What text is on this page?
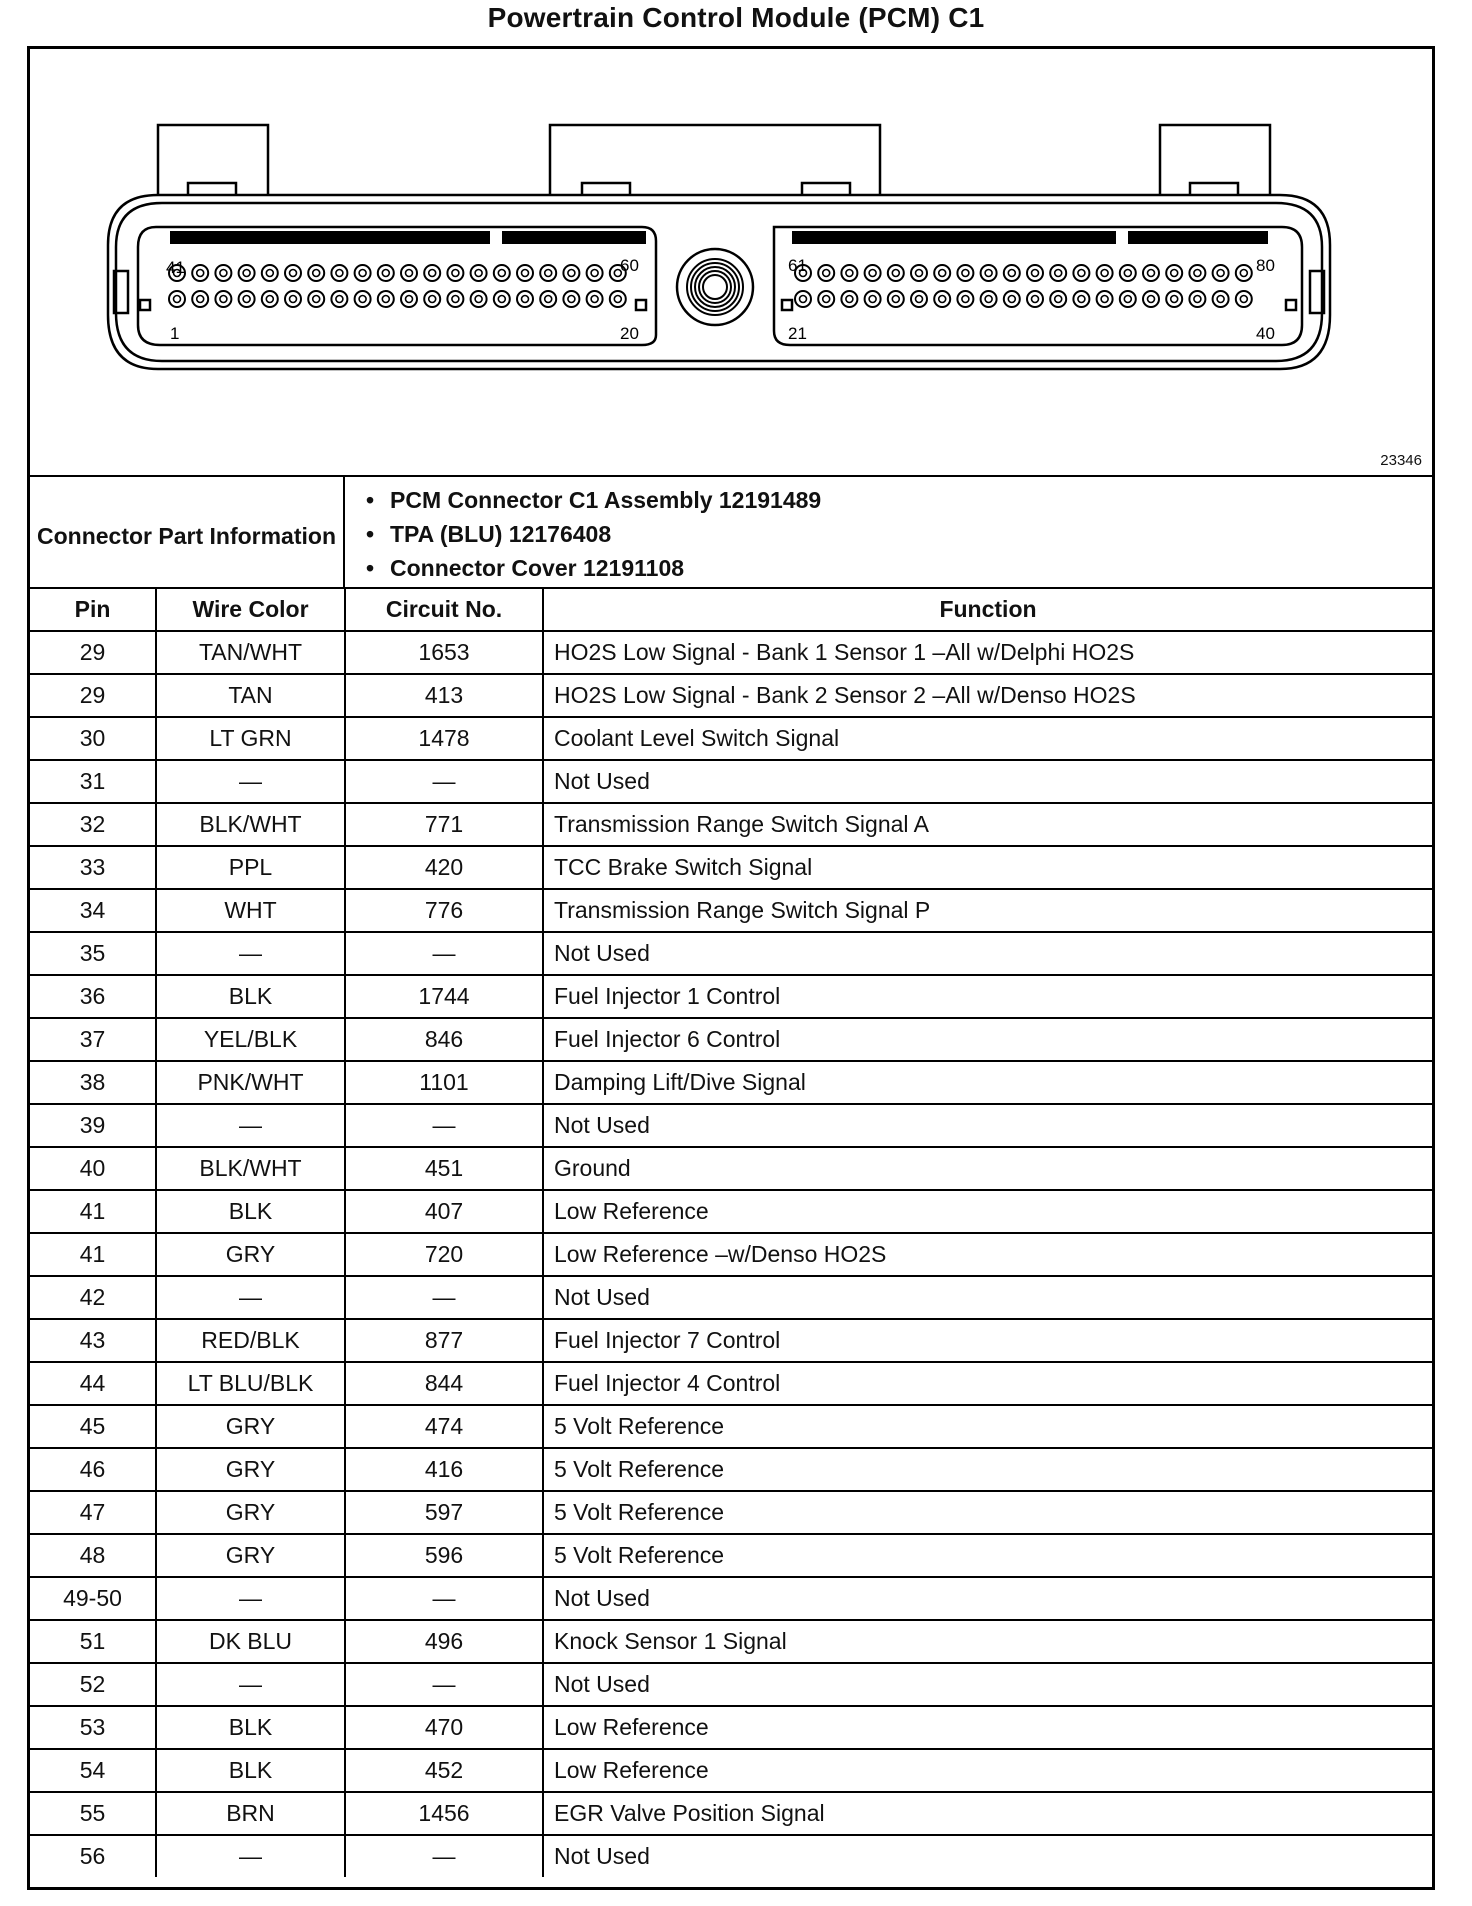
Powertrain Control Module (PCM) C1
41	60
1	20
61	80
21	40
23346
Connector Part Information
• PCM Connector C1 Assembly 12191489
• TPA (BLU) 12176408
• Connector Cover 12191108
Pin	Wire Color	Circuit No.	Function
29	TAN/WHT	1653	HO2S Low Signal - Bank 1 Sensor 1 –All w/Delphi HO2S
29	TAN	413	HO2S Low Signal - Bank 2 Sensor 2 –All w/Denso HO2S
30	LT GRN	1478	Coolant Level Switch Signal
31	—	—	Not Used
32	BLK/WHT	771	Transmission Range Switch Signal A
33	PPL	420	TCC Brake Switch Signal
34	WHT	776	Transmission Range Switch Signal P
35	—	—	Not Used
36	BLK	1744	Fuel Injector 1 Control
37	YEL/BLK	846	Fuel Injector 6 Control
38	PNK/WHT	1101	Damping Lift/Dive Signal
39	—	—	Not Used
40	BLK/WHT	451	Ground
41	BLK	407	Low Reference
41	GRY	720	Low Reference –w/Denso HO2S
42	—	—	Not Used
43	RED/BLK	877	Fuel Injector 7 Control
44	LT BLU/BLK	844	Fuel Injector 4 Control
45	GRY	474	5 Volt Reference
46	GRY	416	5 Volt Reference
47	GRY	597	5 Volt Reference
48	GRY	596	5 Volt Reference
49-50	—	—	Not Used
51	DK BLU	496	Knock Sensor 1 Signal
52	—	—	Not Used
53	BLK	470	Low Reference
54	BLK	452	Low Reference
55	BRN	1456	EGR Valve Position Signal
56	—	—	Not Used
